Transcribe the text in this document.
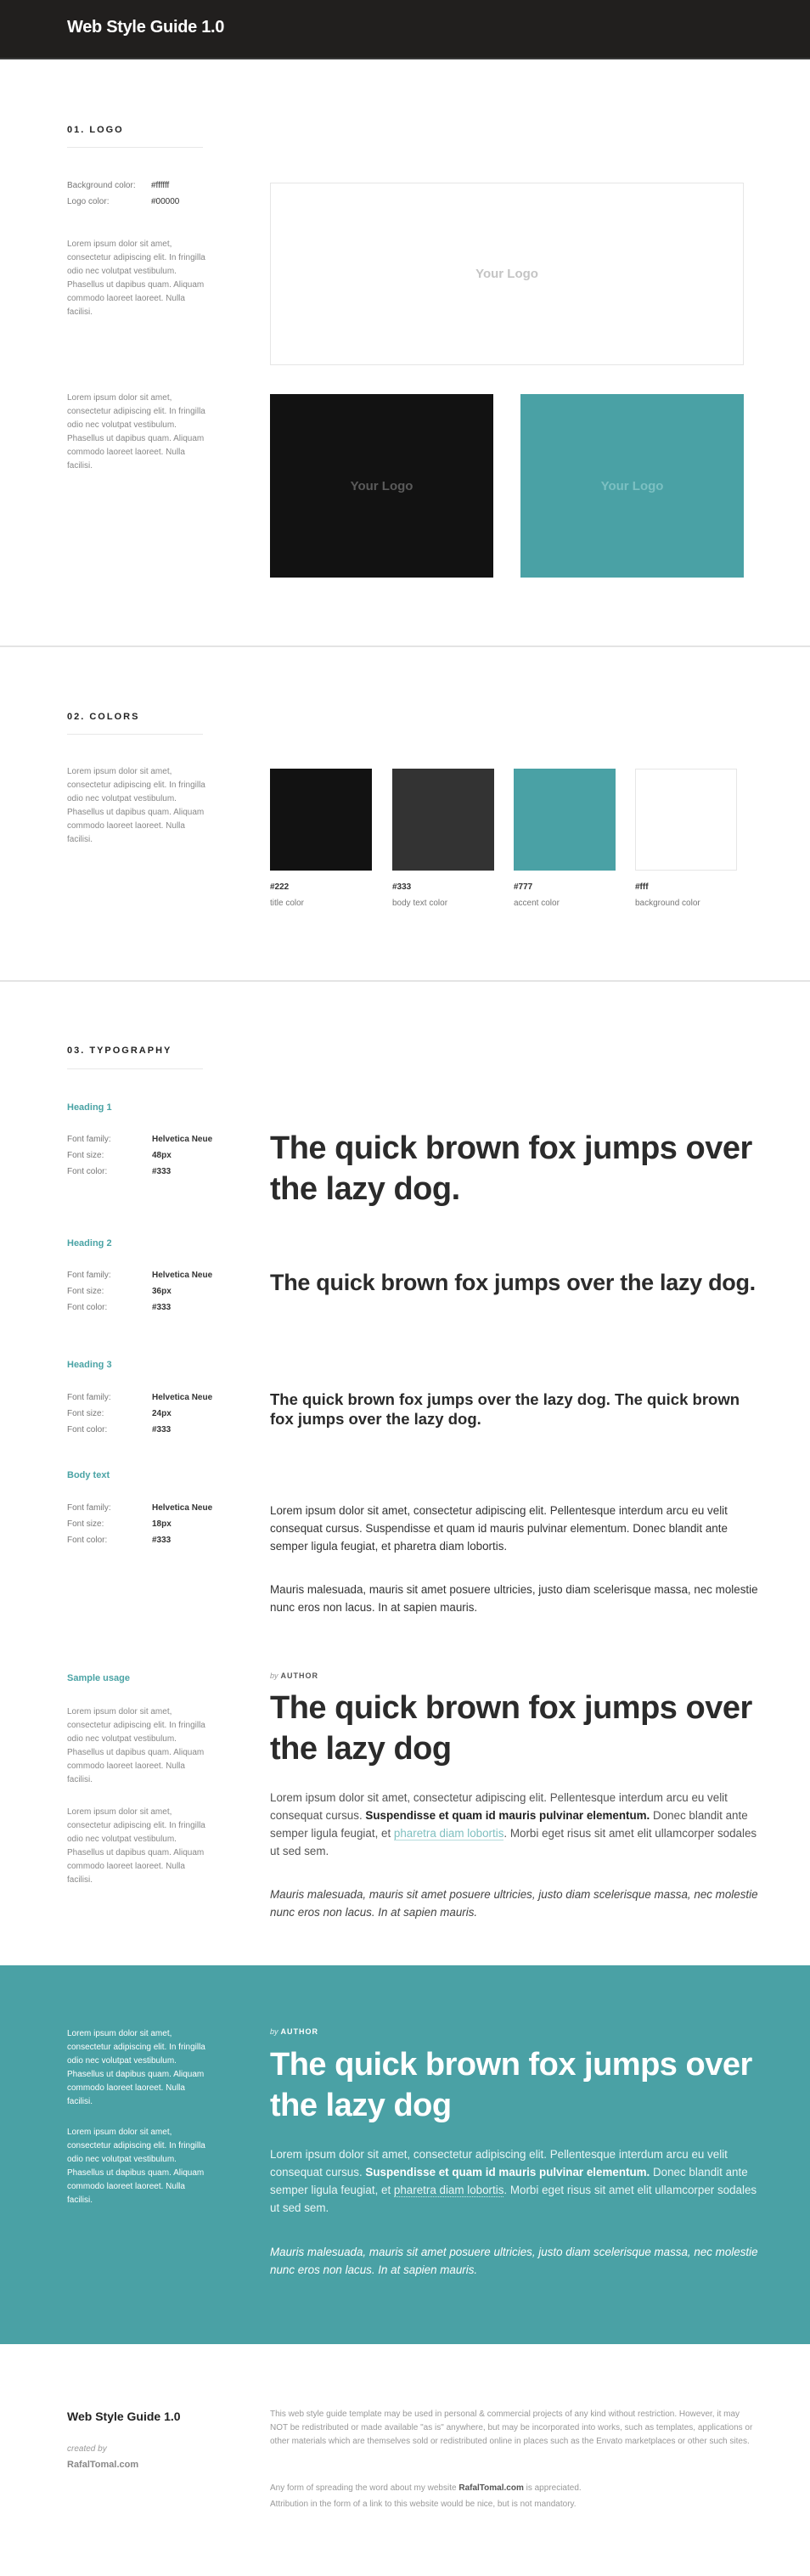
Web Style Guide 1.0
01. LOGO
Background color: #ffffff
Logo color:	#00000
Lorem ipsum dolor sit amet, consectetur adipiscing elit. In fringilla odio nec volutpat vestibulum. Phasellus ut dapibus quam. Aliquam commodo laoreet laoreet. Nulla facilisi.
Lorem ipsum dolor sit amet, consectetur adipiscing elit. In fringilla odio nec volutpat vestibulum. Phasellus ut dapibus quam. Aliquam commodo laoreet laoreet. Nulla facilisi.
Your Logo
Your Logo	Your Logo
02. COLORS
Lorem ipsum dolor sit amet, consectetur adipiscing elit. In fringilla odio nec volutpat vestibulum. Phasellus ut dapibus quam. Aliquam commodo laoreet laoreet. Nulla facilisi.
#222
title color
#333
body text color
#777
accent color
#fff
background color
03. TYPOGRAPHY
Heading 1
Font family:	Helvetica Neue
Font size:	48px
Font color:	#333
The quick brown fox jumps over the lazy dog.
Heading 2
Font family:	Helvetica Neue
Font size:	36px
Font color:	#333
The quick brown fox jumps over the lazy dog.
Heading 3
Font family:	Helvetica Neue
Font size:	24px
Font color:	#333
The quick brown fox jumps over the lazy dog. The quick brown fox jumps over the lazy dog.
Body text
Font family:	Helvetica Neue
Font size:	18px
Font color:	#333
Lorem ipsum dolor sit amet, consectetur adipiscing elit. Pellentesque interdum arcu eu velit consequat cursus. Suspendisse et quam id mauris pulvinar elementum. Donec blandit ante semper ligula feugiat, et pharetra diam lobortis.
Mauris malesuada, mauris sit amet posuere ultricies, justo diam scelerisque massa, nec molestie nunc eros non lacus. In at sapien mauris.
Sample usage
Lorem ipsum dolor sit amet, consectetur adipiscing elit. In fringilla odio nec volutpat vestibulum. Phasellus ut dapibus quam. Aliquam commodo laoreet laoreet. Nulla facilisi.
Lorem ipsum dolor sit amet, consectetur adipiscing elit. In fringilla odio nec volutpat vestibulum. Phasellus ut dapibus quam. Aliquam commodo laoreet laoreet. Nulla facilisi.
by AUTHOR
The quick brown fox jumps over the lazy dog
Lorem ipsum dolor sit amet, consectetur adipiscing elit. Pellentesque interdum arcu eu velit consequat cursus. Suspendisse et quam id mauris pulvinar elementum. Donec blandit ante semper ligula feugiat, et pharetra diam lobortis. Morbi eget risus sit amet elit ullamcorper sodales ut sed sem.
Mauris malesuada, mauris sit amet posuere ultricies, justo diam scelerisque massa, nec molestie nunc eros non lacus. In at sapien mauris.
Lorem ipsum dolor sit amet, consectetur adipiscing elit. In fringilla odio nec volutpat vestibulum. Phasellus ut dapibus quam. Aliquam commodo laoreet laoreet. Nulla facilisi.
Lorem ipsum dolor sit amet, consectetur adipiscing elit. In fringilla odio nec volutpat vestibulum. Phasellus ut dapibus quam. Aliquam commodo laoreet laoreet. Nulla facilisi.
by AUTHOR
The quick brown fox jumps over the lazy dog
Lorem ipsum dolor sit amet, consectetur adipiscing elit. Pellentesque interdum arcu eu velit consequat cursus. Suspendisse et quam id mauris pulvinar elementum. Donec blandit ante semper ligula feugiat, et pharetra diam lobortis. Morbi eget risus sit amet elit ullamcorper sodales ut sed sem.
Mauris malesuada, mauris sit amet posuere ultricies, justo diam scelerisque massa, nec molestie nunc eros non lacus. In at sapien mauris.
Web Style Guide 1.0
created by
RafalTomal.com
This web style guide template may be used in personal & commercial projects of any kind without restriction. However, it may NOT be redistributed or made available "as is" anywhere, but may be incorporated into works, such as templates, applications or other materials which are themselves sold or redistributed online in places such as the Envato marketplaces or other such sites.
Any form of spreading the word about my website RafalTomal.com is appreciated.
Attribution in the form of a link to this website would be nice, but is not mandatory.
